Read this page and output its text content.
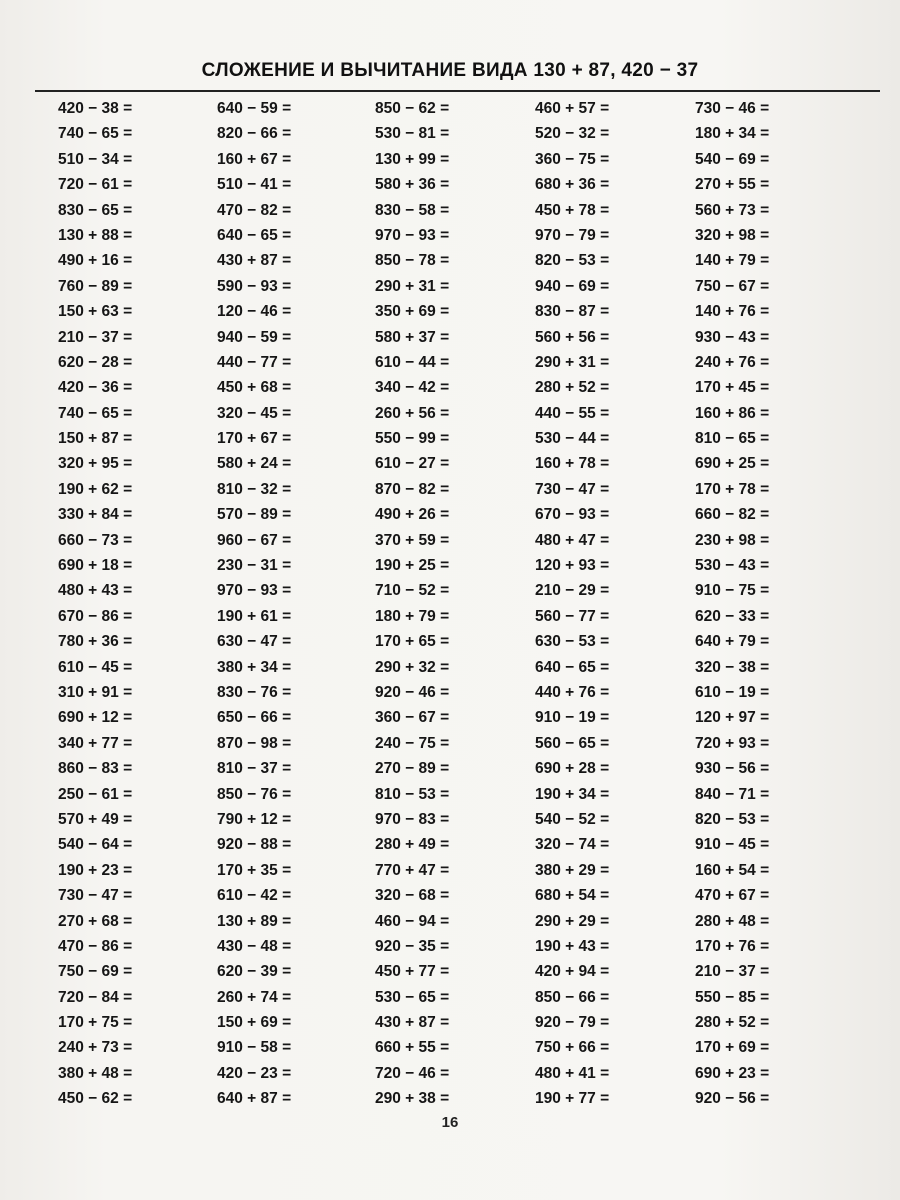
СЛОЖЕНИЕ И ВЫЧИТАНИЕ ВИДА 130 + 87, 420 − 37
420 − 38 =
740 − 65 =
510 − 34 =
720 − 61 =
830 − 65 =
130 + 88 =
490 + 16 =
760 − 89 =
150 + 63 =
210 − 37 =
620 − 28 =
420 − 36 =
740 − 65 =
150 + 87 =
320 + 95 =
190 + 62 =
330 + 84 =
660 − 73 =
690 + 18 =
480 + 43 =
670 − 86 =
780 + 36 =
610 − 45 =
310 + 91 =
690 + 12 =
340 + 77 =
860 − 83 =
250 − 61 =
570 + 49 =
540 − 64 =
190 + 23 =
730 − 47 =
270 + 68 =
470 − 86 =
750 − 69 =
720 − 84 =
170 + 75 =
240 + 73 =
380 + 48 =
450 − 62 =
640 − 59 =
820 − 66 =
160 + 67 =
510 − 41 =
470 − 82 =
640 − 65 =
430 + 87 =
590 − 93 =
120 − 46 =
940 − 59 =
440 − 77 =
450 + 68 =
320 − 45 =
170 + 67 =
580 + 24 =
810 − 32 =
570 − 89 =
960 − 67 =
230 − 31 =
970 − 93 =
190 + 61 =
630 − 47 =
380 + 34 =
830 − 76 =
650 − 66 =
870 − 98 =
810 − 37 =
850 − 76 =
790 + 12 =
920 − 88 =
170 + 35 =
610 − 42 =
130 + 89 =
430 − 48 =
620 − 39 =
260 + 74 =
150 + 69 =
910 − 58 =
420 − 23 =
640 + 87 =
850 − 62 =
530 − 81 =
130 + 99 =
580 + 36 =
830 − 58 =
970 − 93 =
850 − 78 =
290 + 31 =
350 + 69 =
580 + 37 =
610 − 44 =
340 − 42 =
260 + 56 =
550 − 99 =
610 − 27 =
870 − 82 =
490 + 26 =
370 + 59 =
190 + 25 =
710 − 52 =
180 + 79 =
170 + 65 =
290 + 32 =
920 − 46 =
360 − 67 =
240 − 75 =
270 − 89 =
810 − 53 =
970 − 83 =
280 + 49 =
770 + 47 =
320 − 68 =
460 − 94 =
920 − 35 =
450 + 77 =
530 − 65 =
430 + 87 =
660 + 55 =
720 − 46 =
290 + 38 =
460 + 57 =
520 − 32 =
360 − 75 =
680 + 36 =
450 + 78 =
970 − 79 =
820 − 53 =
940 − 69 =
830 − 87 =
560 + 56 =
290 + 31 =
280 + 52 =
440 − 55 =
530 − 44 =
160 + 78 =
730 − 47 =
670 − 93 =
480 + 47 =
120 + 93 =
210 − 29 =
560 − 77 =
630 − 53 =
640 − 65 =
440 + 76 =
910 − 19 =
560 − 65 =
690 + 28 =
190 + 34 =
540 − 52 =
320 − 74 =
380 + 29 =
680 + 54 =
290 + 29 =
190 + 43 =
420 + 94 =
850 − 66 =
920 − 79 =
750 + 66 =
480 + 41 =
190 + 77 =
730 − 46 =
180 + 34 =
540 − 69 =
270 + 55 =
560 + 73 =
320 + 98 =
140 + 79 =
750 − 67 =
140 + 76 =
930 − 43 =
240 + 76 =
170 + 45 =
160 + 86 =
810 − 65 =
690 + 25 =
170 + 78 =
660 − 82 =
230 + 98 =
530 − 43 =
910 − 75 =
620 − 33 =
640 + 79 =
320 − 38 =
610 − 19 =
120 + 97 =
720 + 93 =
930 − 56 =
840 − 71 =
820 − 53 =
910 − 45 =
160 + 54 =
470 + 67 =
280 + 48 =
170 + 76 =
210 − 37 =
550 − 85 =
280 + 52 =
170 + 69 =
690 + 23 =
920 − 56 =
16
